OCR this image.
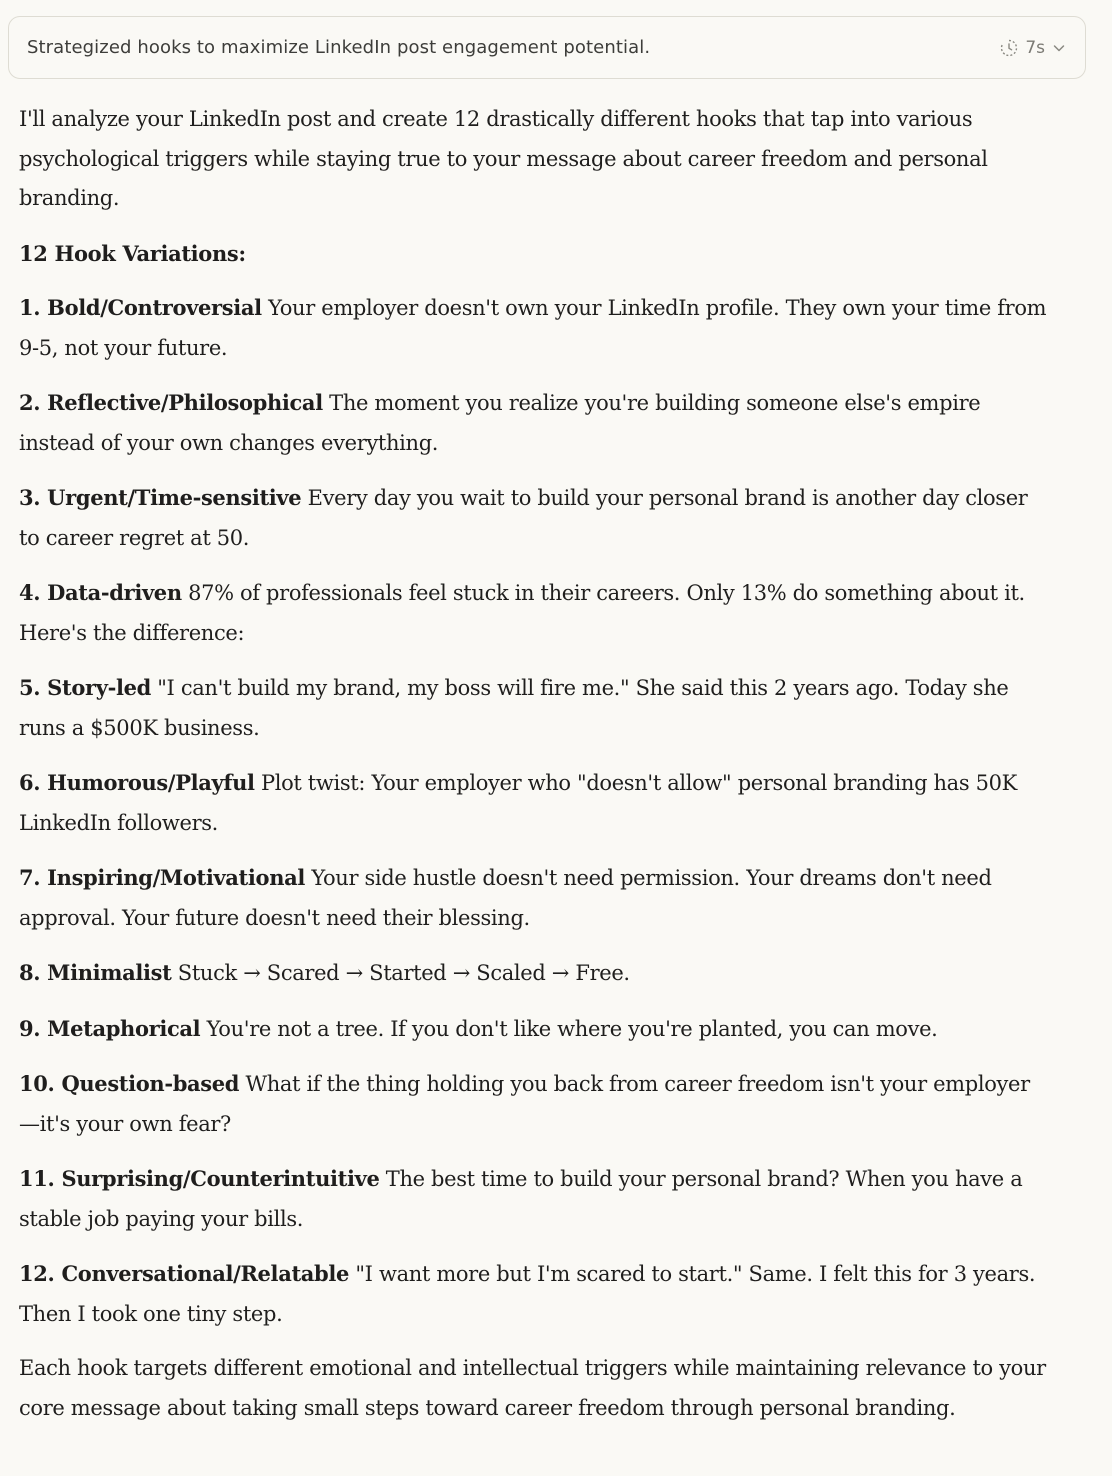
Strategized hooks to maximize LinkedIn post engagement potential.	7s

I'll analyze your LinkedIn post and create 12 drastically different hooks that tap into various psychological triggers while staying true to your message about career freedom and personal branding.

12 Hook Variations:

1. Bold/Controversial Your employer doesn't own your LinkedIn profile. They own your time from 9-5, not your future.

2. Reflective/Philosophical The moment you realize you're building someone else's empire instead of your own changes everything.

3. Urgent/Time-sensitive Every day you wait to build your personal brand is another day closer to career regret at 50.

4. Data-driven 87% of professionals feel stuck in their careers. Only 13% do something about it. Here's the difference:

5. Story-led "I can't build my brand, my boss will fire me." She said this 2 years ago. Today she runs a $500K business.

6. Humorous/Playful Plot twist: Your employer who "doesn't allow" personal branding has 50K LinkedIn followers.

7. Inspiring/Motivational Your side hustle doesn't need permission. Your dreams don't need approval. Your future doesn't need their blessing.

8. Minimalist Stuck → Scared → Started → Scaled → Free.

9. Metaphorical You're not a tree. If you don't like where you're planted, you can move.

10. Question-based What if the thing holding you back from career freedom isn't your employer—it's your own fear?

11. Surprising/Counterintuitive The best time to build your personal brand? When you have a stable job paying your bills.

12. Conversational/Relatable "I want more but I'm scared to start." Same. I felt this for 3 years. Then I took one tiny step.

Each hook targets different emotional and intellectual triggers while maintaining relevance to your core message about taking small steps toward career freedom through personal branding.
